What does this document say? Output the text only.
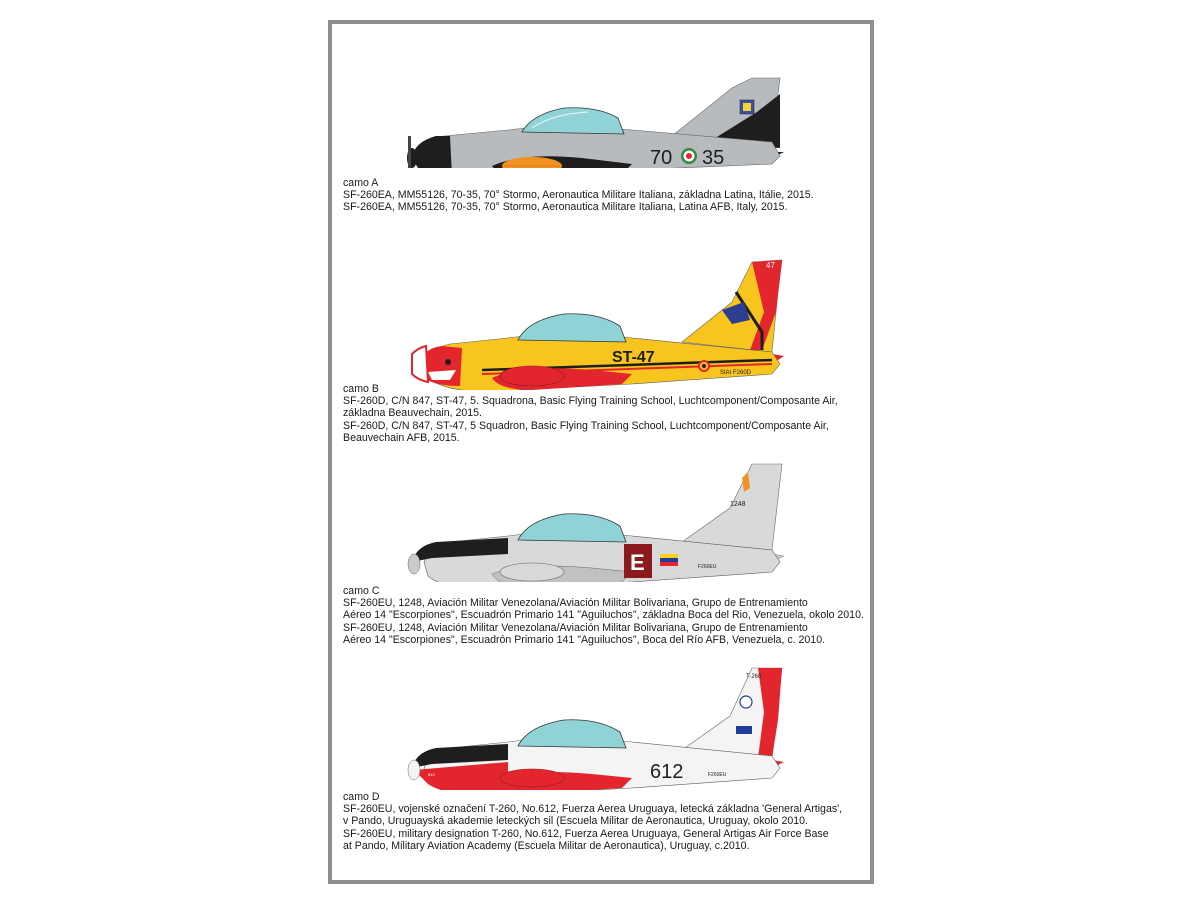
70 35
camo A
SF-260EA, MM55126, 70-35, 70° Stormo, Aeronautica Militare Italiana, základna Latina, Itálie, 2015.
SF-260EA, MM55126, 70-35, 70° Stormo, Aeronautica Militare Italiana, Latina AFB, Italy, 2015.
47
ST-47
SIAI F260D
camo B
SF-260D, C/N 847, ST-47, 5. Squadrona, Basic Flying Training School, Luchtcomponent/Composante Air,
základna Beauvechain, 2015.
SF-260D, C/N 847, ST-47, 5 Squadron, Basic Flying Training School, Luchtcomponent/Composante Air,
Beauvechain AFB, 2015.
1248
E	F260EU
camo C
SF-260EU, 1248, Aviación Militar Venezolana/Aviación Militar Bolivariana, Grupo de Entrenamiento
Aéreo 14 "Escorpiones", Escuadrón Primario 141 "Aguiluchos", základna Boca del Rio, Venezuela, okolo 2010.
SF-260EU, 1248, Aviación Militar Venezolana/Aviación Militar Bolivariana, Grupo de Entrenamiento
Aéreo 14 "Escorpiones", Escuadrón Primario 141 "Aguiluchos", Boca del Río AFB, Venezuela, c. 2010.
T-260
612	612	F260EU
camo D
SF-260EU, vojenské označení T-260, No.612, Fuerza Aerea Uruguaya, letecká základna 'General Artigas',
v Pando, Uruguayská akademie leteckých sil (Escuela Militar de Aeronautica, Uruguay, okolo 2010.
SF-260EU, military designation T-260, No.612, Fuerza Aerea Uruguaya, General Artigas Air Force Base
at Pando, Military Aviation Academy (Escuela Militar de Aeronautica), Uruguay, c.2010.
